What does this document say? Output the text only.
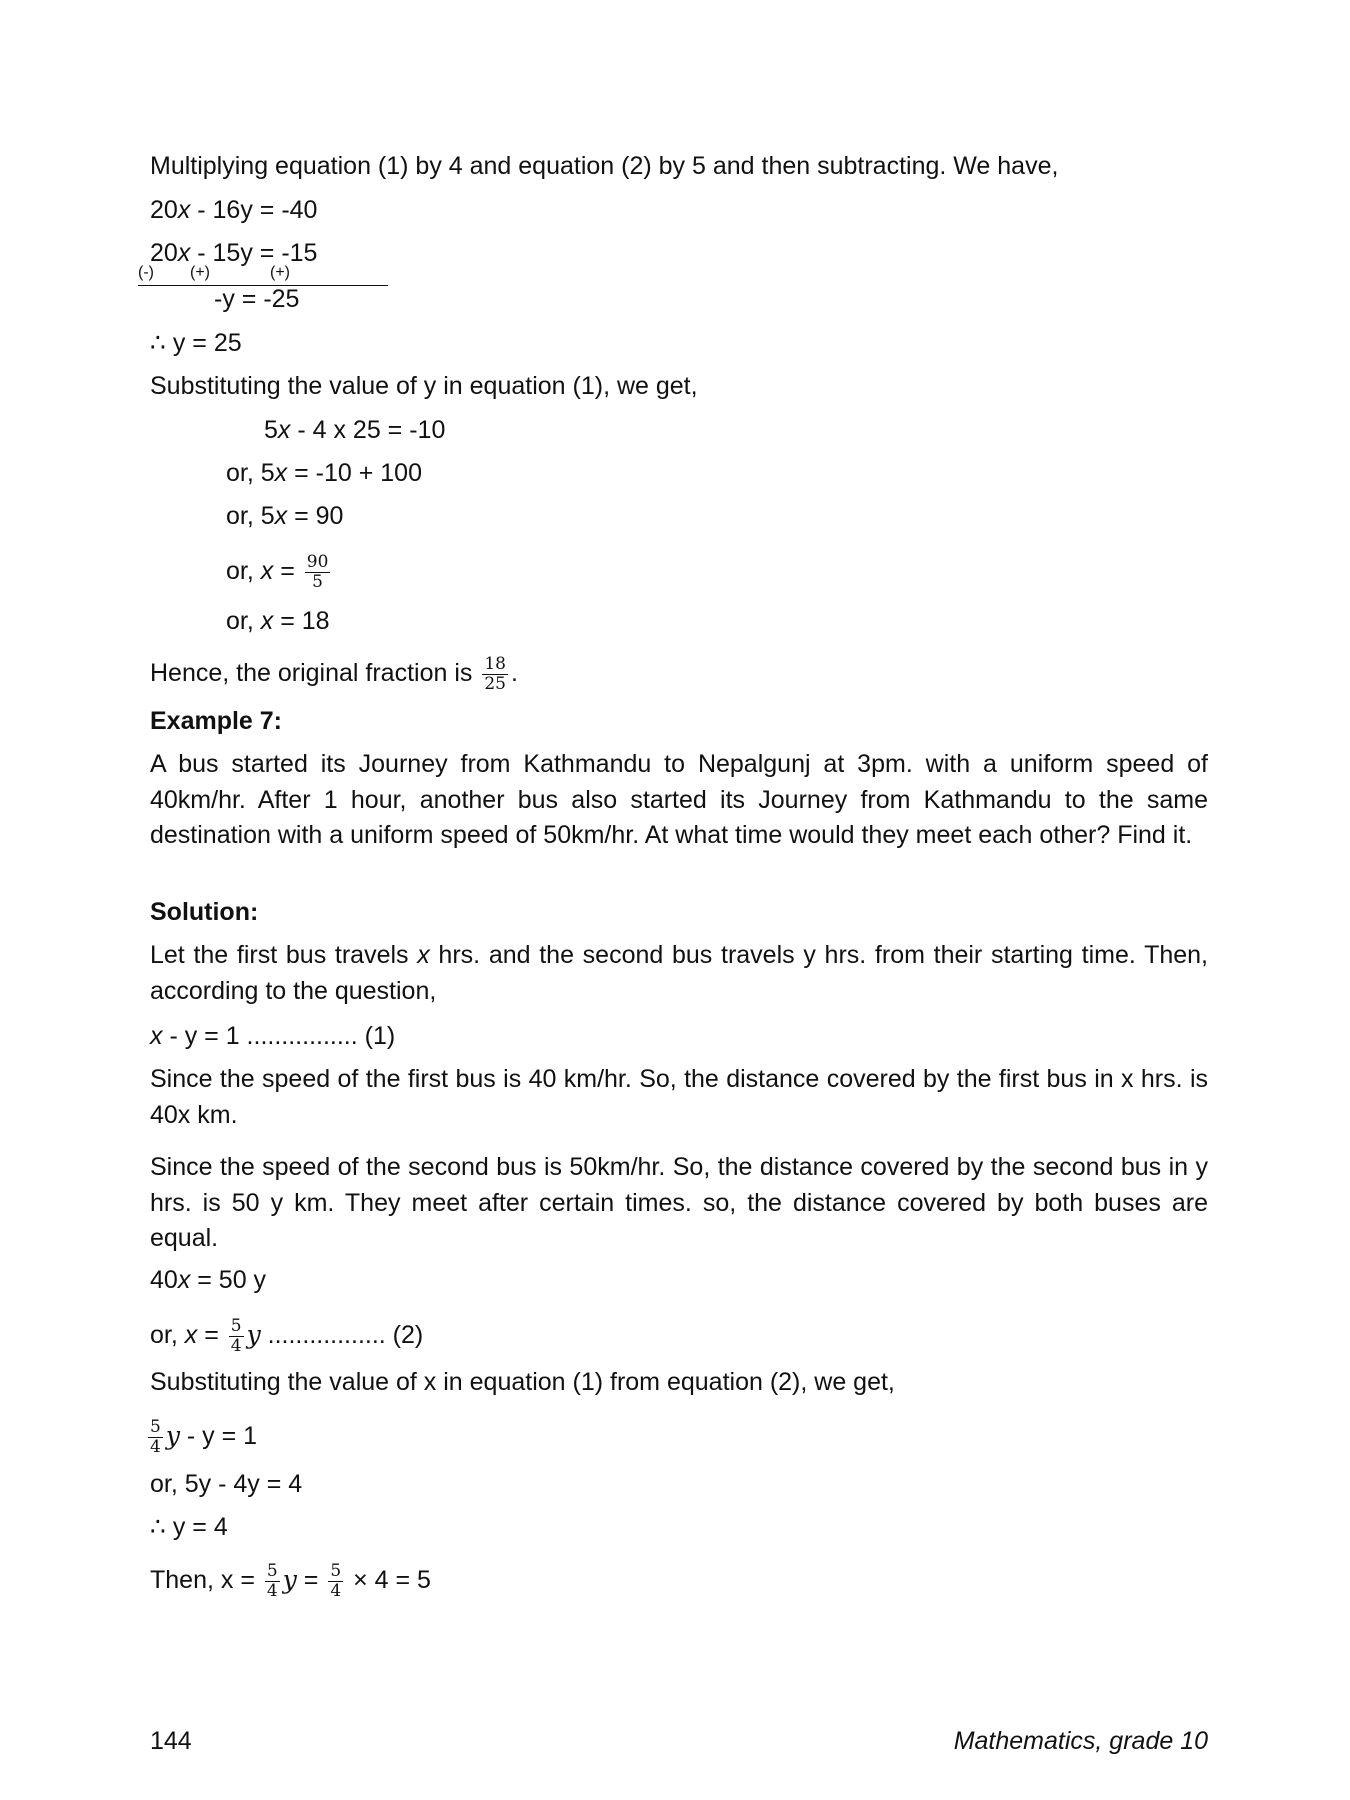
Multiplying equation (1) by 4 and equation (2) by 5 and then subtracting. We have,
20x - 16y = -40
20x - 15y = -15
(-) (+)	(+)
-y = -25
∴ y = 25
Substituting the value of y in equation (1), we get,
5x - 4 x 25 = -10
or, 5x = -10 + 100
or, 5x = 90
or, $x = \frac{90}{5}$
or, x = 18
Hence, the original fraction is $\frac{18}{25}$ .
Example 7:
A bus started its Journey from Kathmandu to Nepalgunj at 3pm. with a uniform speed of 40km/hr. After 1 hour, another bus also started its Journey from Kathmandu to the same destination with a uniform speed of 50km/hr. At what time would they meet each other? Find it.
Solution:
Let the first bus travels x hrs. and the second bus travels y hrs. from their starting time. Then, according to the question,
x - y = 1 ................ (1)
Since the speed of the first bus is 40 km/hr. So, the distance covered by the first bus in x hrs. is 40x km.
Since the speed of the second bus is 50km/hr. So, the distance covered by the second bus in y hrs. is 50 y km. They meet after certain times. so, the distance covered by both buses are equal.
40x = 50 y
or, $x = \frac{5}{4}$ y ................. (2)
Substituting the value of x in equation (1) from equation (2), we get,
$\frac{5}{4}$ y - y = 1
or, 5y - 4y = 4
∴ y = 4
Then, $x = \frac{5}{4}$ $y = \frac{5}{4} \times 4 = 5$
144	Mathematics, grade 10
